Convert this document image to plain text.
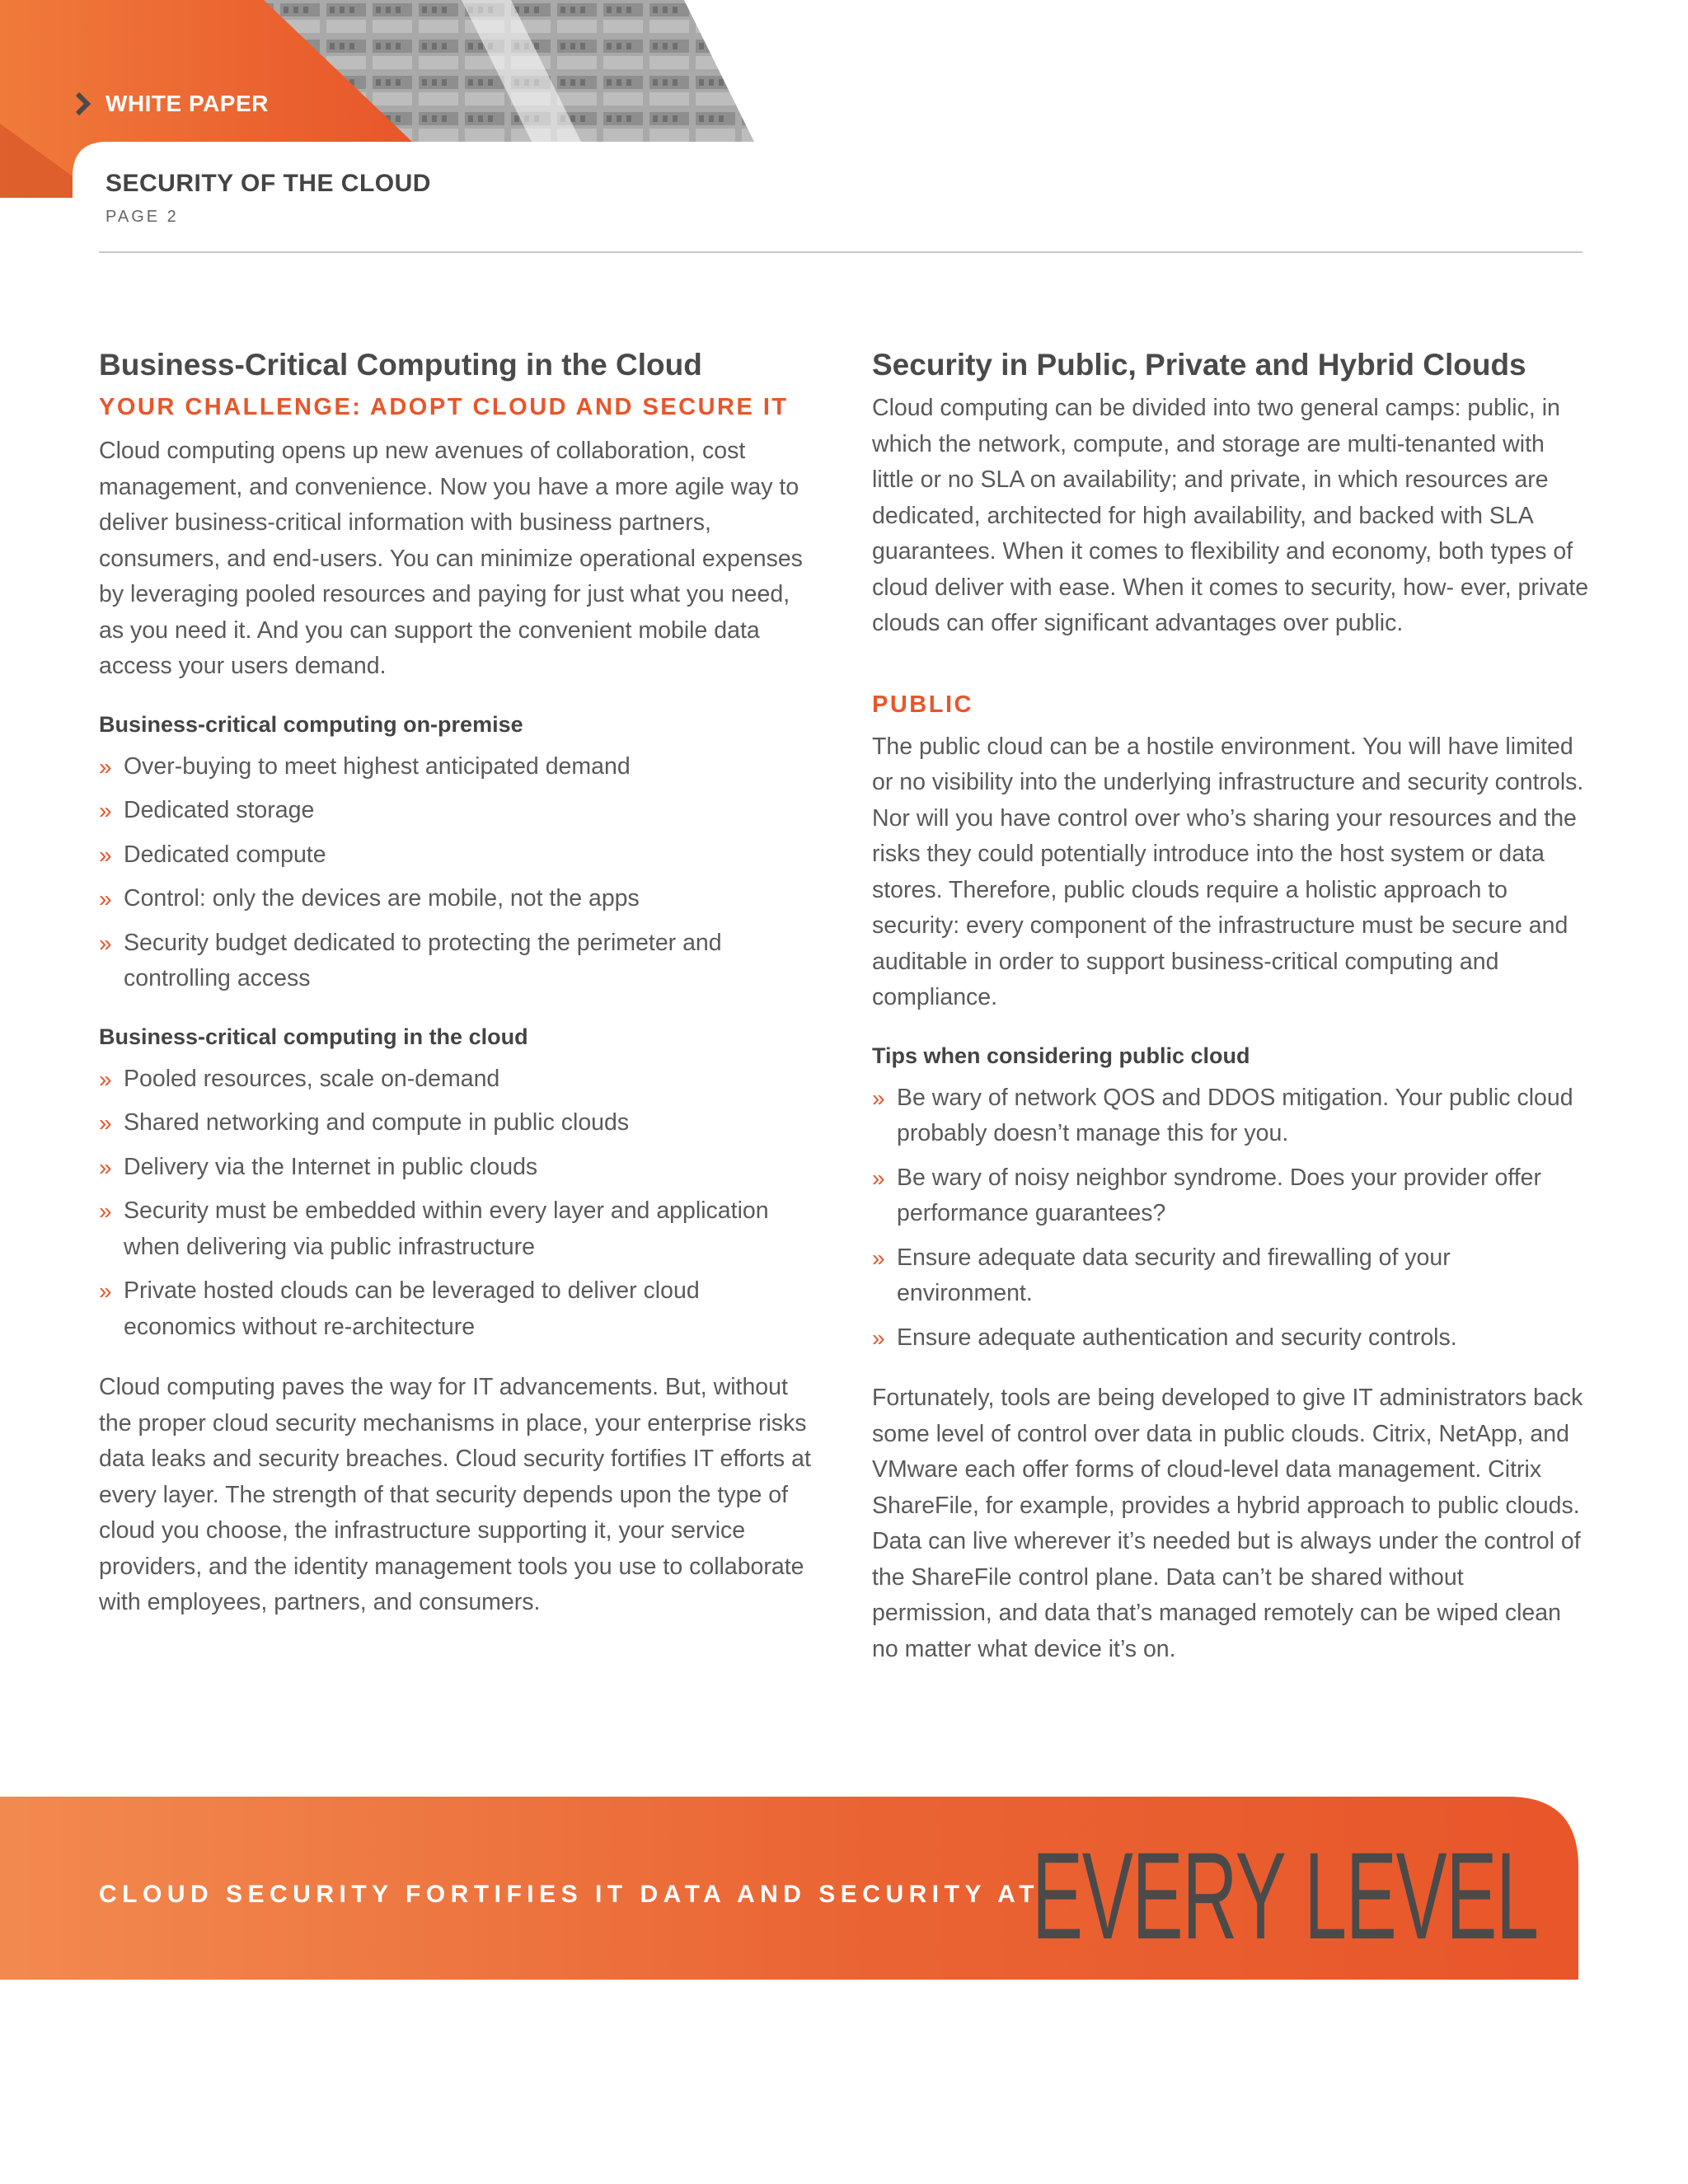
WHITE PAPER
SECURITY OF THE CLOUD
PAGE 2
Business-Critical Computing in the Cloud
YOUR CHALLENGE: ADOPT CLOUD AND SECURE IT

Cloud computing opens up new avenues of collaboration, cost management, and convenience. Now you have a more agile way to deliver business-critical information with business partners, consumers, and end-users. You can minimize operational expenses by leveraging pooled resources and paying for just what you need, as you need it. And you can support the convenient mobile data access your users demand.

Business-critical computing on-premise
» Over-buying to meet highest anticipated demand
» Dedicated storage
» Dedicated compute
» Control: only the devices are mobile, not the apps
» Security budget dedicated to protecting the perimeter and controlling access
Business-critical computing in the cloud
» Pooled resources, scale on-demand
» Shared networking and compute in public clouds
» Delivery via the Internet in public clouds
» Security must be embedded within every layer and application when delivering via public infrastructure
» Private hosted clouds can be leveraged to deliver cloud economics without re-architecture

Cloud computing paves the way for IT advancements. But, without the proper cloud security mechanisms in place, your enterprise risks data leaks and security breaches. Cloud security fortifies IT efforts at every layer. The strength of that security depends upon the type of cloud you choose, the infrastructure supporting it, your service providers, and the identity management tools you use to collaborate with employees, partners, and consumers.

Security in Public, Private and Hybrid Clouds

Cloud computing can be divided into two general camps: public, in which the network, compute, and storage are multi-tenanted with little or no SLA on availability; and private, in which resources are dedicated, architected for high availability, and backed with SLA guarantees. When it comes to flexibility and economy, both types of cloud deliver with ease. When it comes to security, how- ever, private clouds can offer significant advantages over public.

PUBLIC

The public cloud can be a hostile environment. You will have limited or no visibility into the underlying infrastructure and security controls. Nor will you have control over who’s sharing your resources and the risks they could potentially introduce into the host system or data stores. Therefore, public clouds require a holistic approach to security: every component of the infrastructure must be secure and auditable in order to support business-critical computing and compliance.

Tips when considering public cloud
» Be wary of network QOS and DDOS mitigation. Your public cloud probably doesn’t manage this for you.
» Be wary of noisy neighbor syndrome. Does your provider offer performance guarantees?
» Ensure adequate data security and firewalling of your environment.
» Ensure adequate authentication and security controls.

Fortunately, tools are being developed to give IT administrators back some level of control over data in public clouds. Citrix, NetApp, and VMware each offer forms of cloud-level data management. Citrix ShareFile, for example, provides a hybrid approach to public clouds. Data can live wherever it’s needed but is always under the control of the ShareFile control plane. Data can’t be shared without permission, and data that’s managed remotely can be wiped clean no matter what device it’s on.

CLOUD SECURITY FORTIFIES IT DATA AND SECURITY AT
EVERY LEVEL
